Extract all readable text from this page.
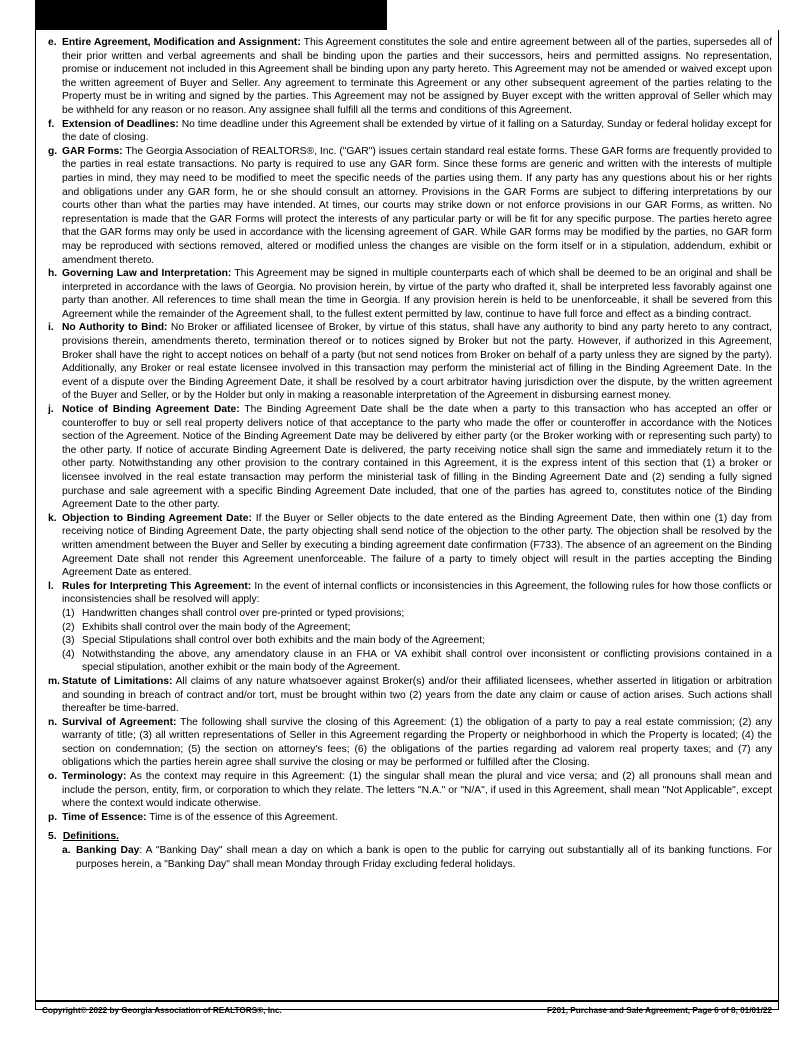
e. Entire Agreement, Modification and Assignment: This Agreement constitutes the sole and entire agreement between all of the parties, supersedes all of their prior written and verbal agreements and shall be binding upon the parties and their successors, heirs and permitted assigns. No representation, promise or inducement not included in this Agreement shall be binding upon any party hereto. This Agreement may not be amended or waived except upon the written agreement of Buyer and Seller. Any agreement to terminate this Agreement or any other subsequent agreement of the parties relating to the Property must be in writing and signed by the parties. This Agreement may not be assigned by Buyer except with the written approval of Seller which may be withheld for any reason or no reason. Any assignee shall fulfill all the terms and conditions of this Agreement.
f. Extension of Deadlines: No time deadline under this Agreement shall be extended by virtue of it falling on a Saturday, Sunday or federal holiday except for the date of closing.
g. GAR Forms: The Georgia Association of REALTORS®, Inc. ("GAR") issues certain standard real estate forms. These GAR forms are frequently provided to the parties in real estate transactions. No party is required to use any GAR form. Since these forms are generic and written with the interests of multiple parties in mind, they may need to be modified to meet the specific needs of the parties using them. If any party has any questions about his or her rights and obligations under any GAR form, he or she should consult an attorney. Provisions in the GAR Forms are subject to differing interpretations by our courts other than what the parties may have intended. At times, our courts may strike down or not enforce provisions in our GAR Forms, as written. No representation is made that the GAR Forms will protect the interests of any particular party or will be fit for any specific purpose. The parties hereto agree that the GAR forms may only be used in accordance with the licensing agreement of GAR. While GAR forms may be modified by the parties, no GAR form may be reproduced with sections removed, altered or modified unless the changes are visible on the form itself or in a stipulation, addendum, exhibit or amendment thereto.
h. Governing Law and Interpretation: This Agreement may be signed in multiple counterparts each of which shall be deemed to be an original and shall be interpreted in accordance with the laws of Georgia. No provision herein, by virtue of the party who drafted it, shall be interpreted less favorably against one party than another. All references to time shall mean the time in Georgia. If any provision herein is held to be unenforceable, it shall be severed from this Agreement while the remainder of the Agreement shall, to the fullest extent permitted by law, continue to have full force and effect as a binding contract.
i. No Authority to Bind: No Broker or affiliated licensee of Broker, by virtue of this status, shall have any authority to bind any party hereto to any contract, provisions therein, amendments thereto, termination thereof or to notices signed by Broker but not the party. However, if authorized in this Agreement, Broker shall have the right to accept notices on behalf of a party (but not send notices from Broker on behalf of a party unless they are signed by the party). Additionally, any Broker or real estate licensee involved in this transaction may perform the ministerial act of filling in the Binding Agreement Date. In the event of a dispute over the Binding Agreement Date, it shall be resolved by a court arbitrator having jurisdiction over the dispute, by the written agreement of the Buyer and Seller, or by the Holder but only in making a reasonable interpretation of the Agreement in disbursing earnest money.
j. Notice of Binding Agreement Date: The Binding Agreement Date shall be the date when a party to this transaction who has accepted an offer or counteroffer to buy or sell real property delivers notice of that acceptance to the party who made the offer or counteroffer in accordance with the Notices section of the Agreement. Notice of the Binding Agreement Date may be delivered by either party (or the Broker working with or representing such party) to the other party. If notice of accurate Binding Agreement Date is delivered, the party receiving notice shall sign the same and immediately return it to the other party. Notwithstanding any other provision to the contrary contained in this Agreement, it is the express intent of this section that (1) a broker or licensee involved in the real estate transaction may perform the ministerial task of filling in the Binding Agreement Date and (2) sending a fully signed purchase and sale agreement with a specific Binding Agreement Date included, that one of the parties has agreed to, constitutes notice of the Binding Agreement Date to the other party.
k. Objection to Binding Agreement Date: If the Buyer or Seller objects to the date entered as the Binding Agreement Date, then within one (1) day from receiving notice of Binding Agreement Date, the party objecting shall send notice of the objection to the other party. The objection shall be resolved by the written amendment between the Buyer and Seller by executing a binding agreement date confirmation (F733). The absence of an agreement on the Binding Agreement Date shall not render this Agreement unenforceable. The failure of a party to timely object will result in the parties accepting the Binding Agreement Date as entered.
l. Rules for Interpreting This Agreement: In the event of internal conflicts or inconsistencies in this Agreement, the following rules for how those conflicts or inconsistencies shall be resolved will apply:
(1) Handwritten changes shall control over pre-printed or typed provisions;
(2) Exhibits shall control over the main body of the Agreement;
(3) Special Stipulations shall control over both exhibits and the main body of the Agreement;
(4) Notwithstanding the above, any amendatory clause in an FHA or VA exhibit shall control over inconsistent or conflicting provisions contained in a special stipulation, another exhibit or the main body of the Agreement.
m. Statute of Limitations: All claims of any nature whatsoever against Broker(s) and/or their affiliated licensees, whether asserted in litigation or arbitration and sounding in breach of contract and/or tort, must be brought within two (2) years from the date any claim or cause of action arises. Such actions shall thereafter be time-barred.
n. Survival of Agreement: The following shall survive the closing of this Agreement: (1) the obligation of a party to pay a real estate commission; (2) any warranty of title; (3) all written representations of Seller in this Agreement regarding the Property or neighborhood in which the Property is located; (4) the section on condemnation; (5) the section on attorney's fees; (6) the obligations of the parties regarding ad valorem real property taxes; and (7) any obligations which the parties herein agree shall survive the closing or may be performed or fulfilled after the Closing.
o. Terminology: As the context may require in this Agreement: (1) the singular shall mean the plural and vice versa; and (2) all pronouns shall mean and include the person, entity, firm, or corporation to which they relate. The letters "N.A." or "N/A", if used in this Agreement, shall mean "Not Applicable", except where the context would indicate otherwise.
p. Time of Essence: Time is of the essence of this Agreement.
5. Definitions.
a. Banking Day: A "Banking Day" shall mean a day on which a bank is open to the public for carrying out substantially all of its banking functions. For purposes herein, a "Banking Day" shall mean Monday through Friday excluding federal holidays.
Copyright© 2022 by Georgia Association of REALTORS®, Inc.	F201, Purchase and Sale Agreement, Page 6 of 8, 01/01/22
